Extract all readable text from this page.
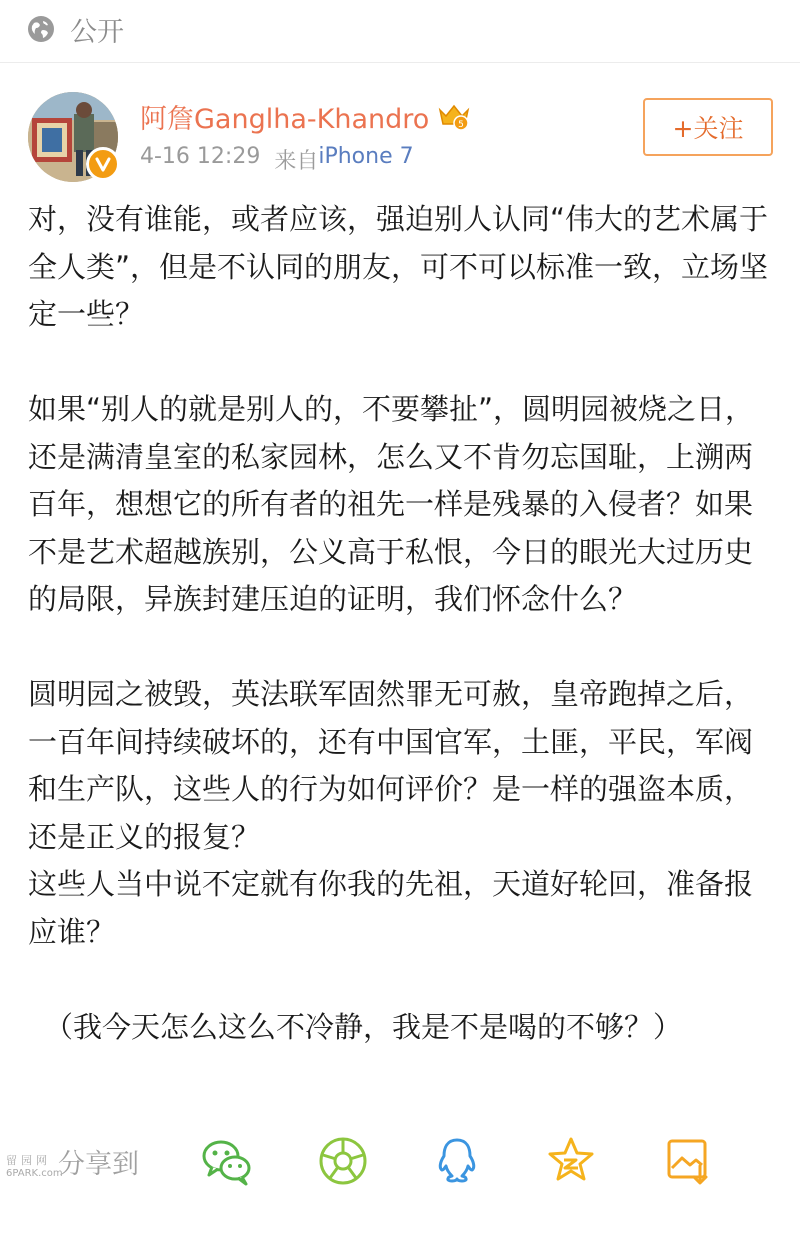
公开
阿詹Ganglha-Khandro	5
4-16 12:29 来自 iPhone 7
+关注

对，没有谁能，或者应该，强迫别人认同“伟大的艺术属于全人类”，但是不认同的朋友，可不可以标准一致，立场坚定一些？

如果“别人的就是别人的，不要攀扯”，圆明园被烧之日，还是满清皇室的私家园林，怎么又不肯勿忘国耻，上溯两百年，想想它的所有者的祖先一样是残暴的入侵者？如果不是艺术超越族别，公义高于私恨，今日的眼光大过历史的局限，异族封建压迫的证明，我们怀念什么？

圆明园之被毁，英法联军固然罪无可赦，皇帝跑掉之后，一百年间持续破坏的，还有中国官军，土匪，平民，军阀和生产队，这些人的行为如何评价？是一样的强盗本质，还是正义的报复？

这些人当中说不定就有你我的先祖，天道好轮回，准备报应谁？

（我今天怎么这么不冷静，我是不是喝的不够？）

分享到
留园网
6PARK.com
